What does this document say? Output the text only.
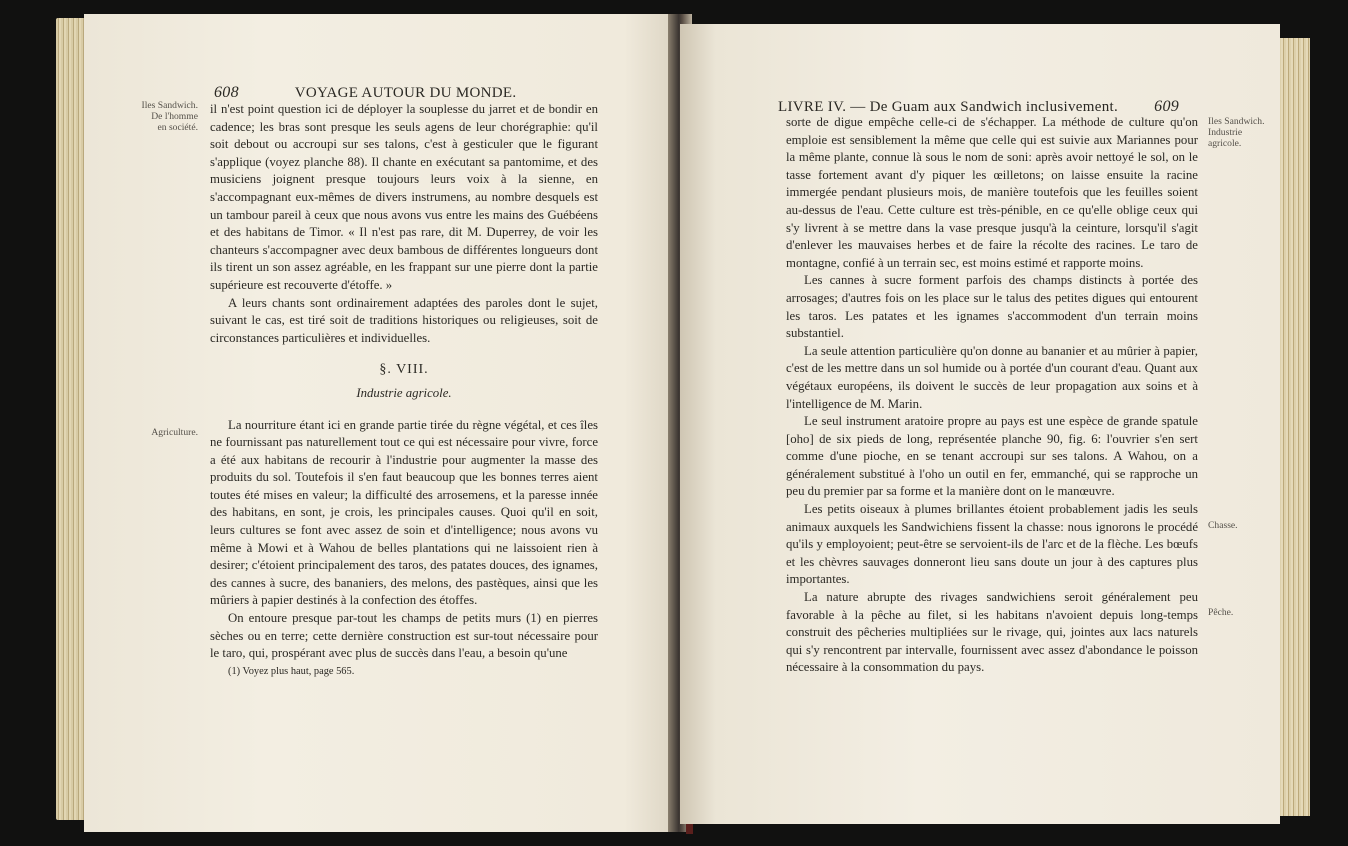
608	VOYAGE AUTOUR DU MONDE.
Iles Sandwich.
De l'homme
en société.
Agriculture.

il n'est point question ici de déployer la souplesse du jarret et de bondir en cadence; les bras sont presque les seuls agens de leur chorégraphie: qu'il soit debout ou accroupi sur ses talons, c'est à gesticuler que le figurant s'applique (voyez planche 88). Il chante en exécutant sa pantomime, et des musiciens joignent presque toujours leurs voix à la sienne, en s'accompagnant eux-mêmes de divers instrumens, au nombre desquels est un tambour pareil à ceux que nous avons vus entre les mains des Guébéens et des habitans de Timor. « Il n'est pas rare, dit M. Duperrey, de voir les chanteurs s'accompagner avec deux bambous de différentes longueurs dont ils tirent un son assez agréable, en les frappant sur une pierre dont la partie supérieure est recouverte d'étoffe. »

A leurs chants sont ordinairement adaptées des paroles dont le sujet, suivant le cas, est tiré soit de traditions historiques ou religieuses, soit de circonstances particulières et individuelles.

§. VIII.
Industrie agricole.

La nourriture étant ici en grande partie tirée du règne végétal, et ces îles ne fournissant pas naturellement tout ce qui est nécessaire pour vivre, force a été aux habitans de recourir à l'industrie pour augmenter la masse des produits du sol. Toutefois il s'en faut beaucoup que les bonnes terres aient toutes été mises en valeur; la difficulté des arrosemens, et la paresse innée des habitans, en sont, je crois, les principales causes. Quoi qu'il en soit, leurs cultures se font avec assez de soin et d'intelligence; nous avons vu même à Mowi et à Wahou de belles plantations qui ne laissoient rien à desirer; c'étoient principalement des taros, des patates douces, des ignames, des cannes à sucre, des bananiers, des melons, des pastèques, ainsi que les mûriers à papier destinés à la confection des étoffes.

On entoure presque par-tout les champs de petits murs (1) en pierres sèches ou en terre; cette dernière construction est sur-tout nécessaire pour le taro, qui, prospérant avec plus de succès dans l'eau, a besoin qu'une

(1) Voyez plus haut, page 565.

LIVRE IV. — De Guam aux Sandwich inclusivement. 609
Iles Sandwich.
Industrie
agricole.
Chasse.
Pêche.

sorte de digue empêche celle-ci de s'échapper. La méthode de culture qu'on emploie est sensiblement la même que celle qui est suivie aux Mariannes pour la même plante, connue là sous le nom de soni: après avoir nettoyé le sol, on le tasse fortement avant d'y piquer les œilletons; on laisse ensuite la racine immergée pendant plusieurs mois, de manière toutefois que les feuilles soient au-dessus de l'eau. Cette culture est très-pénible, en ce qu'elle oblige ceux qui s'y livrent à se mettre dans la vase presque jusqu'à la ceinture, lorsqu'il s'agit d'enlever les mauvaises herbes et de faire la récolte des racines. Le taro de montagne, confié à un terrain sec, est moins estimé et rapporte moins.

Les cannes à sucre forment parfois des champs distincts à portée des arrosages; d'autres fois on les place sur le talus des petites digues qui entourent les taros. Les patates et les ignames s'accommodent d'un terrain moins substantiel.

La seule attention particulière qu'on donne au bananier et au mûrier à papier, c'est de les mettre dans un sol humide ou à portée d'un courant d'eau. Quant aux végétaux européens, ils doivent le succès de leur propagation aux soins et à l'intelligence de M. Marin.

Le seul instrument aratoire propre au pays est une espèce de grande spatule [oho] de six pieds de long, représentée planche 90, fig. 6: l'ouvrier s'en sert comme d'une pioche, en se tenant accroupi sur ses talons. A Wahou, on a généralement substitué à l'oho un outil en fer, emmanché, qui se rapproche un peu du premier par sa forme et la manière dont on le manœuvre.

Les petits oiseaux à plumes brillantes étoient probablement jadis les seuls animaux auxquels les Sandwichiens fissent la chasse: nous ignorons le procédé qu'ils y employoient; peut-être se servoient-ils de l'arc et de la flèche. Les bœufs et les chèvres sauvages donneront lieu sans doute un jour à des captures plus importantes.

La nature abrupte des rivages sandwichiens seroit généralement peu favorable à la pêche au filet, si les habitans n'avoient depuis long-temps construit des pêcheries multipliées sur le rivage, qui, jointes aux lacs naturels qui s'y rencontrent par intervalle, fournissent avec assez d'abondance le poisson nécessaire à la consommation du pays.
